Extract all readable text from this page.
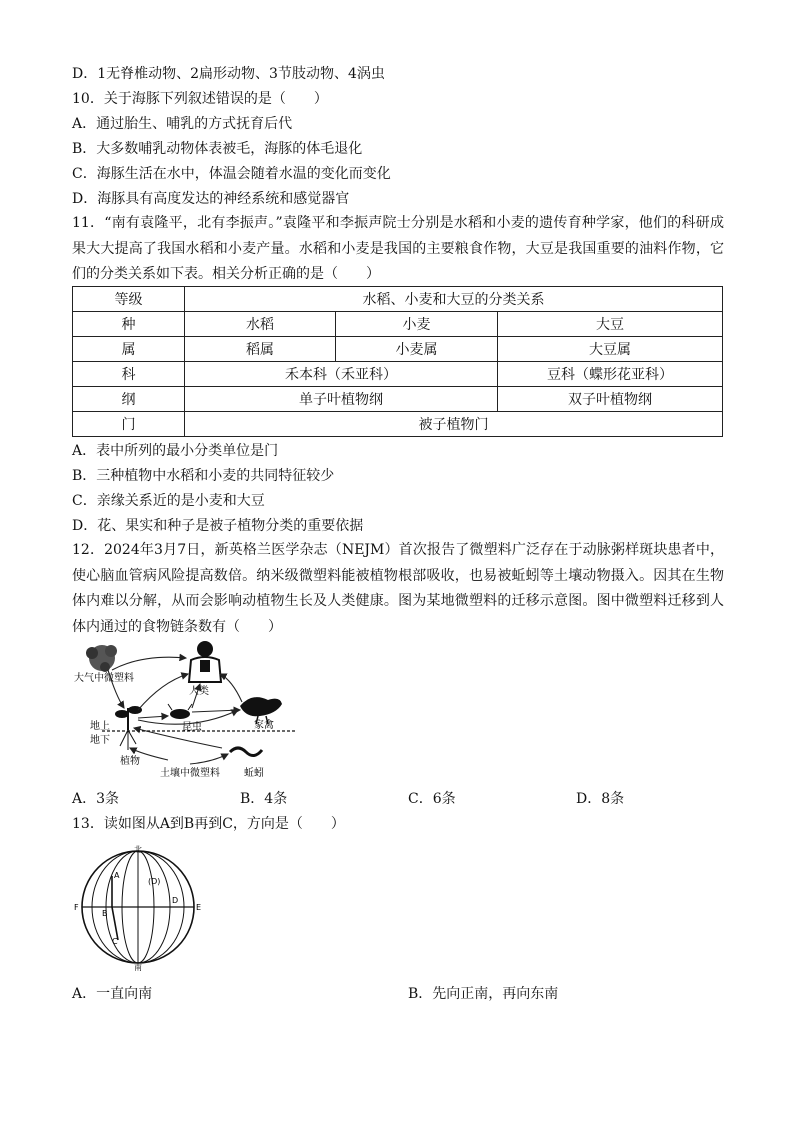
D．1无脊椎动物、2扁形动物、3节肢动物、4涡虫
10．关于海豚下列叙述错误的是（　　）
A．通过胎生、哺乳的方式抚育后代
B．大多数哺乳动物体表被毛，海豚的体毛退化
C．海豚生活在水中，体温会随着水温的变化而变化
D．海豚具有高度发达的神经系统和感觉器官
11．“南有袁隆平，北有李振声。”袁隆平和李振声院士分别是水稻和小麦的遗传育种学家，他们的科研成果大大提高了我国水稻和小麦产量。水稻和小麦是我国的主要粮食作物，大豆是我国重要的油料作物，它们的分类关系如下表。相关分析正确的是（　　）
等级	水稻、小麦和大豆的分类关系		
种	水稻	小麦	大豆
属	稻属	小麦属	大豆属
科	禾本科（禾亚科）		豆科（蝶形花亚科）
纲	单子叶植物纲		双子叶植物纲
门	被子植物门		
A．表中所列的最小分类单位是门
B．三种植物中水稻和小麦的共同特征较少
C．亲缘关系近的是小麦和大豆
D．花、果实和种子是被子植物分类的重要依据
12．2024年3月7日，新英格兰医学杂志（NEJM）首次报告了微塑料广泛存在于动脉粥样斑块患者中，使心脑血管病风险提高数倍。纳米级微塑料能被植物根部吸收，也易被蚯蚓等土壤动物摄入。因其在生物体内难以分解，从而会影响动植物生长及人类健康。图为某地微塑料的迁移示意图。图中微塑料迁移到人体内通过的食物链条数有（　　）
大气中微塑料
人类
植物
昆虫	家禽
地上
地下
蚯蚓
土壤中微塑料
A．3条	B．4条	C．6条	D．8条
13．读如图从A到B再到C，方向是（　　）
北
南
F	E
A
B
C
D
(D)
A．一直向南	B．先向正南，再向东南
